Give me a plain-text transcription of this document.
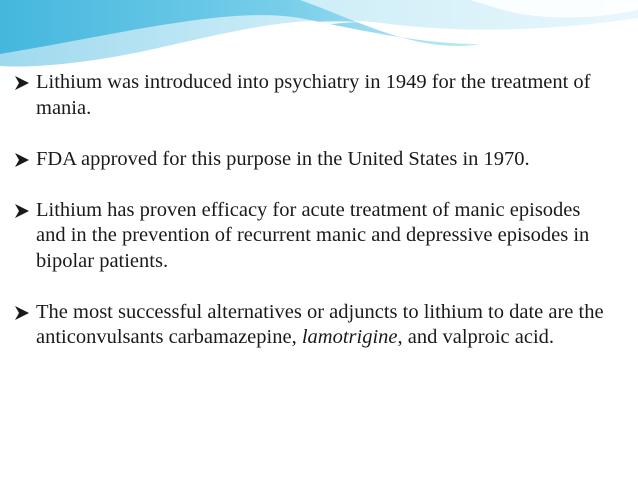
Lithium was introduced into psychiatry in 1949 for the treatment of mania.
FDA approved for this purpose in the United States in 1970.
Lithium has proven efficacy for acute treatment of manic episodes and in the prevention of recurrent manic and depressive episodes in bipolar patients.
The most successful alternatives or adjuncts to lithium to date are the anticonvulsants carbamazepine, lamotrigine, and valproic acid.
